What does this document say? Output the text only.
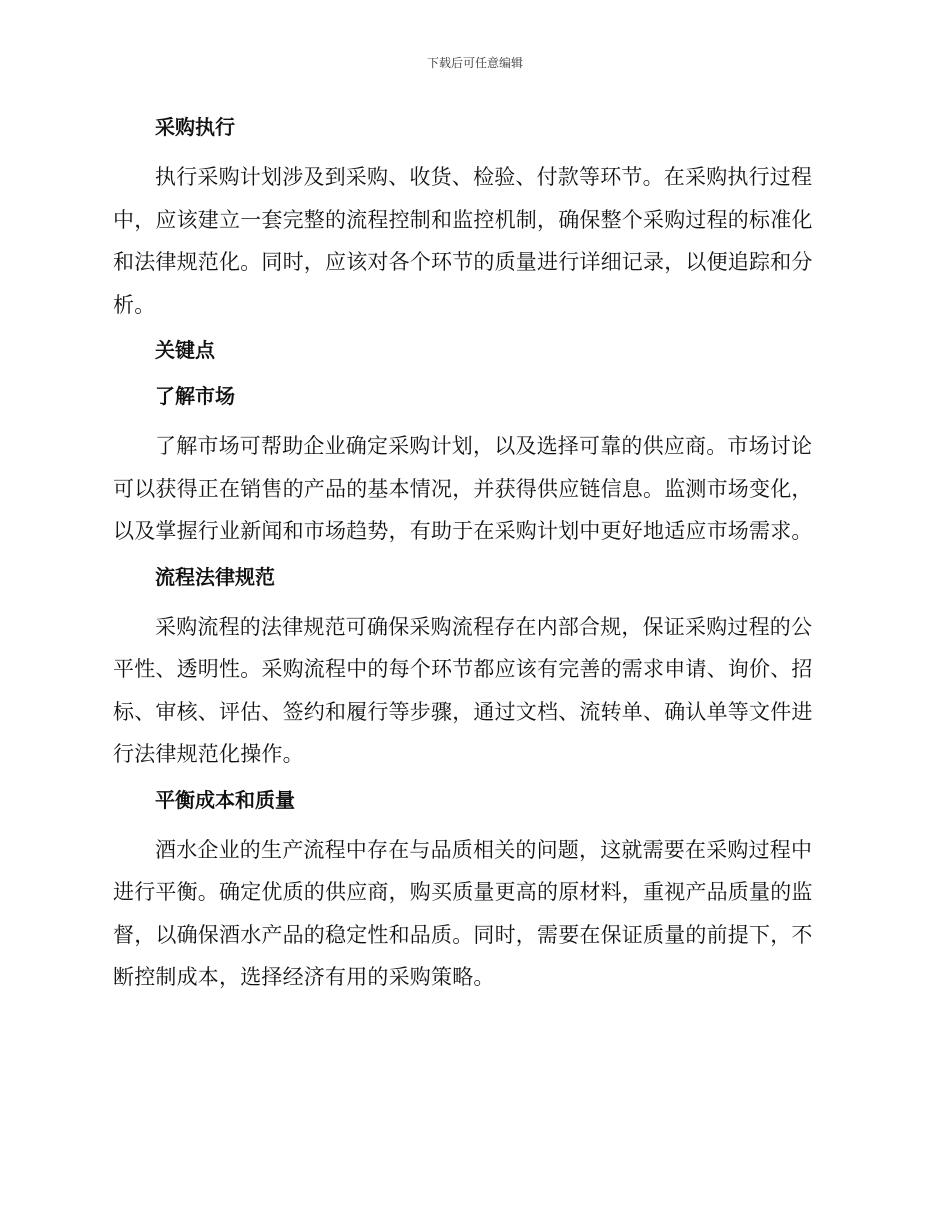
下载后可任意编辑
采购执行

执行采购计划涉及到采购、收货、检验、付款等环节。在采购执行过程中，应该建立一套完整的流程控制和监控机制，确保整个采购过程的标准化和法律规范化。同时，应该对各个环节的质量进行详细记录，以便追踪和分析。

关键点
了解市场

了解市场可帮助企业确定采购计划，以及选择可靠的供应商。市场讨论可以获得正在销售的产品的基本情况，并获得供应链信息。监测市场变化，以及掌握行业新闻和市场趋势，有助于在采购计划中更好地适应市场需求。

流程法律规范

采购流程的法律规范可确保采购流程存在内部合规，保证采购过程的公平性、透明性。采购流程中的每个环节都应该有完善的需求申请、询价、招标、审核、评估、签约和履行等步骤，通过文档、流转单、确认单等文件进行法律规范化操作。

平衡成本和质量

酒水企业的生产流程中存在与品质相关的问题，这就需要在采购过程中进行平衡。确定优质的供应商，购买质量更高的原材料，重视产品质量的监督，以确保酒水产品的稳定性和品质。同时，需要在保证质量的前提下，不断控制成本，选择经济有用的采购策略。
